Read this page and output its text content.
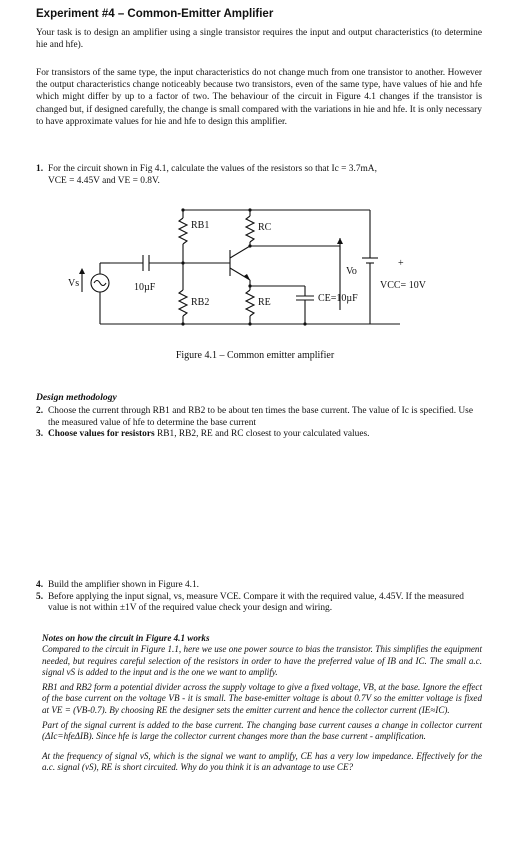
Experiment #4 – Common-Emitter Amplifier
Your task is to design an amplifier using a single transistor requires the input and output characteristics (to determine hie and hfe).
For transistors of the same type, the input characteristics do not change much from one transistor to another. However the output characteristics change noticeably because two transistors, even of the same type, have values of hie and hfe which might differ by up to a factor of two. The behaviour of the circuit in Figure 4.1 changes if the transistor is changed but, if designed carefully, the change is small compared with the variations in hie and hfe. It is only necessary to have approximate values for hie and hfe to design this amplifier.
1. For the circuit shown in Fig 4.1, calculate the values of the resistors so that Ic = 3.7mA,
VCE = 4.45V and VE = 0.8V.
RB1	RC
RB2	RE
10µF
CE=10µF
VCC= 10V
Vo
Vs
+
Figure 4.1 – Common emitter amplifier
Design methodology
2. Choose the current through RB1 and RB2 to be about ten times the base current. The value of Ic is specified. Use the measured value of hfe to determine the base current
3. Choose values for resistors RB1, RB2, RE and RC closest to your calculated values.
4. Build the amplifier shown in Figure 4.1.
5. Before applying the input signal, vs, measure VCE. Compare it with the required value, 4.45V. If the measured value is not within ±1V of the required value check your design and wiring.
Notes on how the circuit in Figure 4.1 works
Compared to the circuit in Figure 1.1, here we use one power source to bias the transistor. This simplifies the equipment needed, but requires careful selection of the resistors in order to have the preferred value of IB and IC. The small a.c. signal vS is added to the input and is the one we want to amplify.
RB1 and RB2 form a potential divider across the supply voltage to give a fixed voltage, VB, at the base. Ignore the effect of the base current on the voltage VB - it is small. The base-emitter voltage is about 0.7V so the emitter voltage is fixed at VE = (VB-0.7). By choosing RE the designer sets the emitter current and hence the collector current (IE≈IC).
Part of the signal current is added to the base current. The changing base current causes a change in collector current (ΔIc=hfeΔIB). Since hfe is large the collector current changes more than the base current - amplification.
At the frequency of signal vS, which is the signal we want to amplify, CE has a very low impedance. Effectively for the a.c. signal (vS), RE is short circuited. Why do you think it is an advantage to use CE?
